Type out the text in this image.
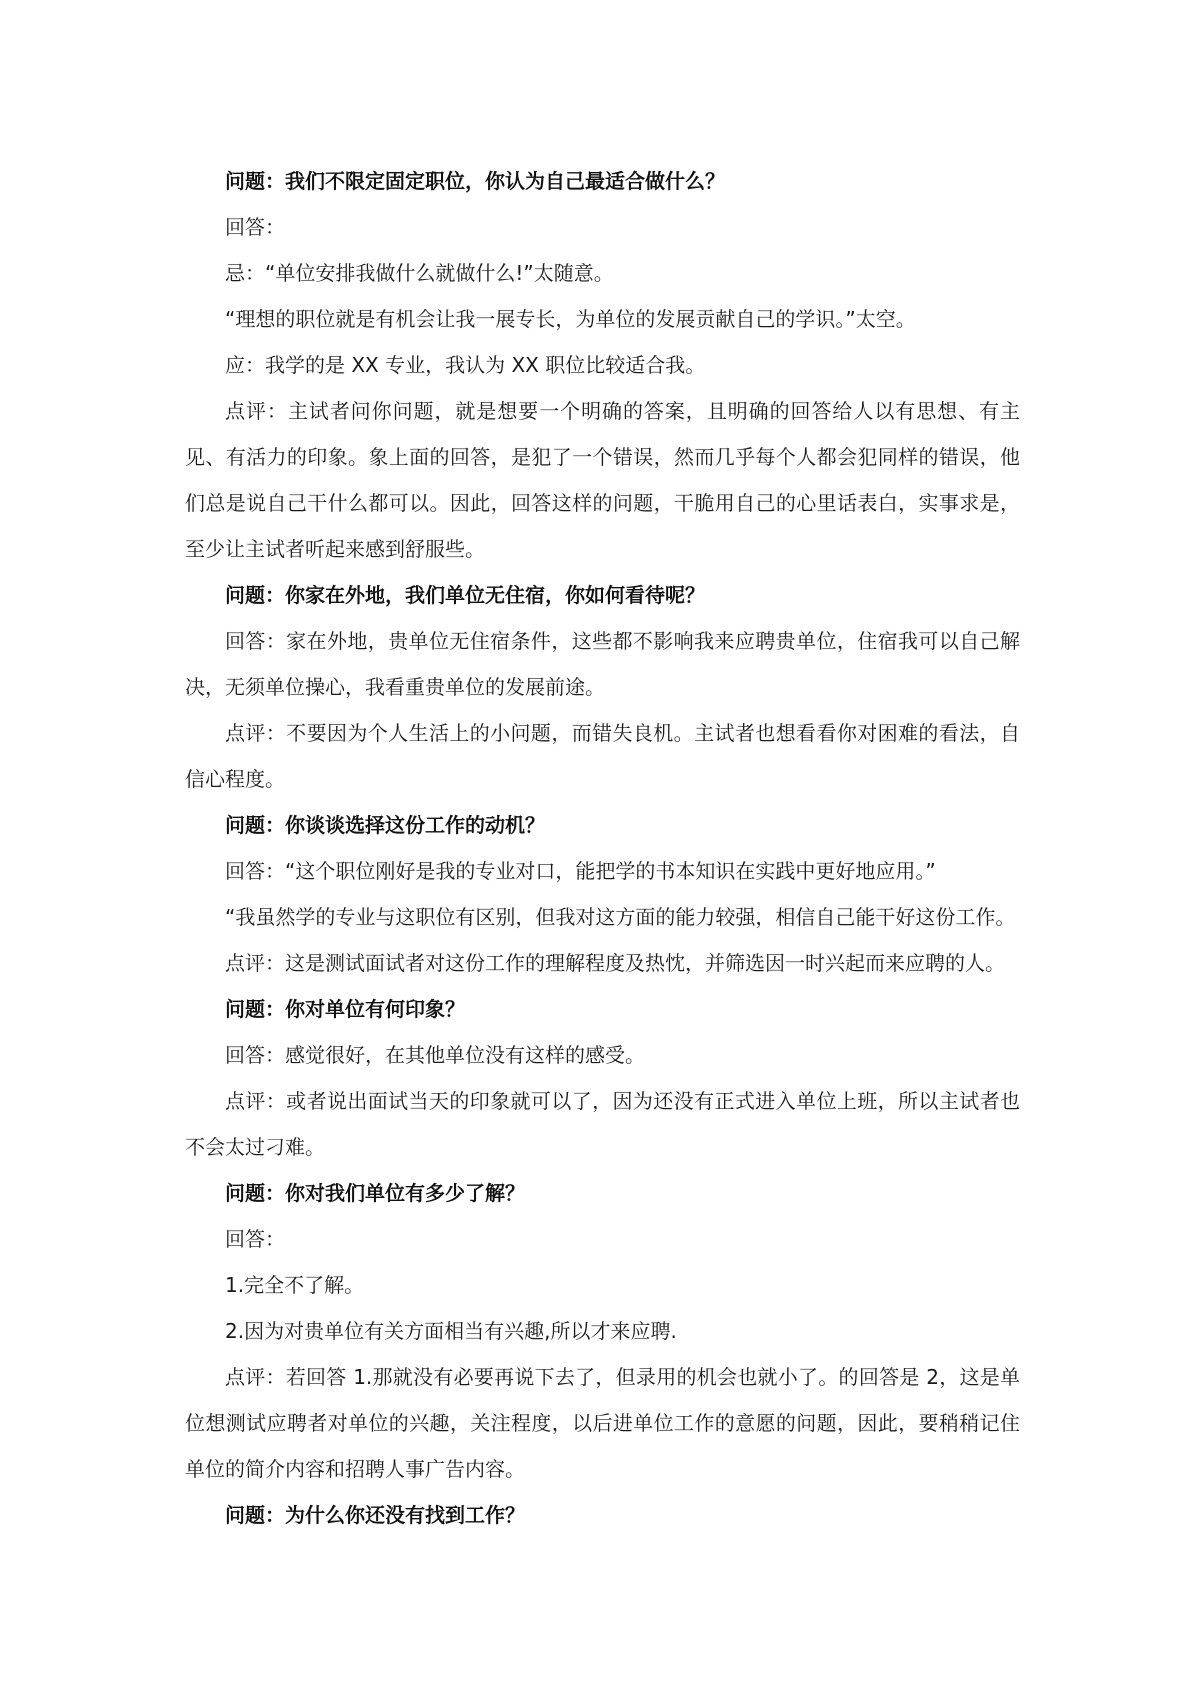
问题：我们不限定固定职位，你认为自己最适合做什么？

回答：

忌：“单位安排我做什么就做什么!”太随意。

“理想的职位就是有机会让我一展专长，为单位的发展贡献自己的学识。”太空。

应：我学的是 XX 专业，我认为 XX 职位比较适合我。

点评：主试者问你问题，就是想要一个明确的答案，且明确的回答给人以有思想、有主见、有活力的印象。象上面的回答，是犯了一个错误，然而几乎每个人都会犯同样的错误，他们总是说自己干什么都可以。因此，回答这样的问题，干脆用自己的心里话表白，实事求是，至少让主试者听起来感到舒服些。

问题：你家在外地，我们单位无住宿，你如何看待呢？

回答：家在外地，贵单位无住宿条件，这些都不影响我来应聘贵单位，住宿我可以自己解决，无须单位操心，我看重贵单位的发展前途。

点评：不要因为个人生活上的小问题，而错失良机。主试者也想看看你对困难的看法，自信心程度。

问题：你谈谈选择这份工作的动机？

回答：“这个职位刚好是我的专业对口，能把学的书本知识在实践中更好地应用。”

“我虽然学的专业与这职位有区别，但我对这方面的能力较强，相信自己能干好这份工作。

点评：这是测试面试者对这份工作的理解程度及热忱，并筛选因一时兴起而来应聘的人。

问题：你对单位有何印象？

回答：感觉很好，在其他单位没有这样的感受。

点评：或者说出面试当天的印象就可以了，因为还没有正式进入单位上班，所以主试者也不会太过刁难。

问题：你对我们单位有多少了解？

回答：

1.完全不了解。

2.因为对贵单位有关方面相当有兴趣,所以才来应聘.

点评：若回答 1.那就没有必要再说下去了，但录用的机会也就小了。的回答是 2，这是单位想测试应聘者对单位的兴趣，关注程度，以后进单位工作的意愿的问题，因此，要稍稍记住单位的简介内容和招聘人事广告内容。

问题：为什么你还没有找到工作？
